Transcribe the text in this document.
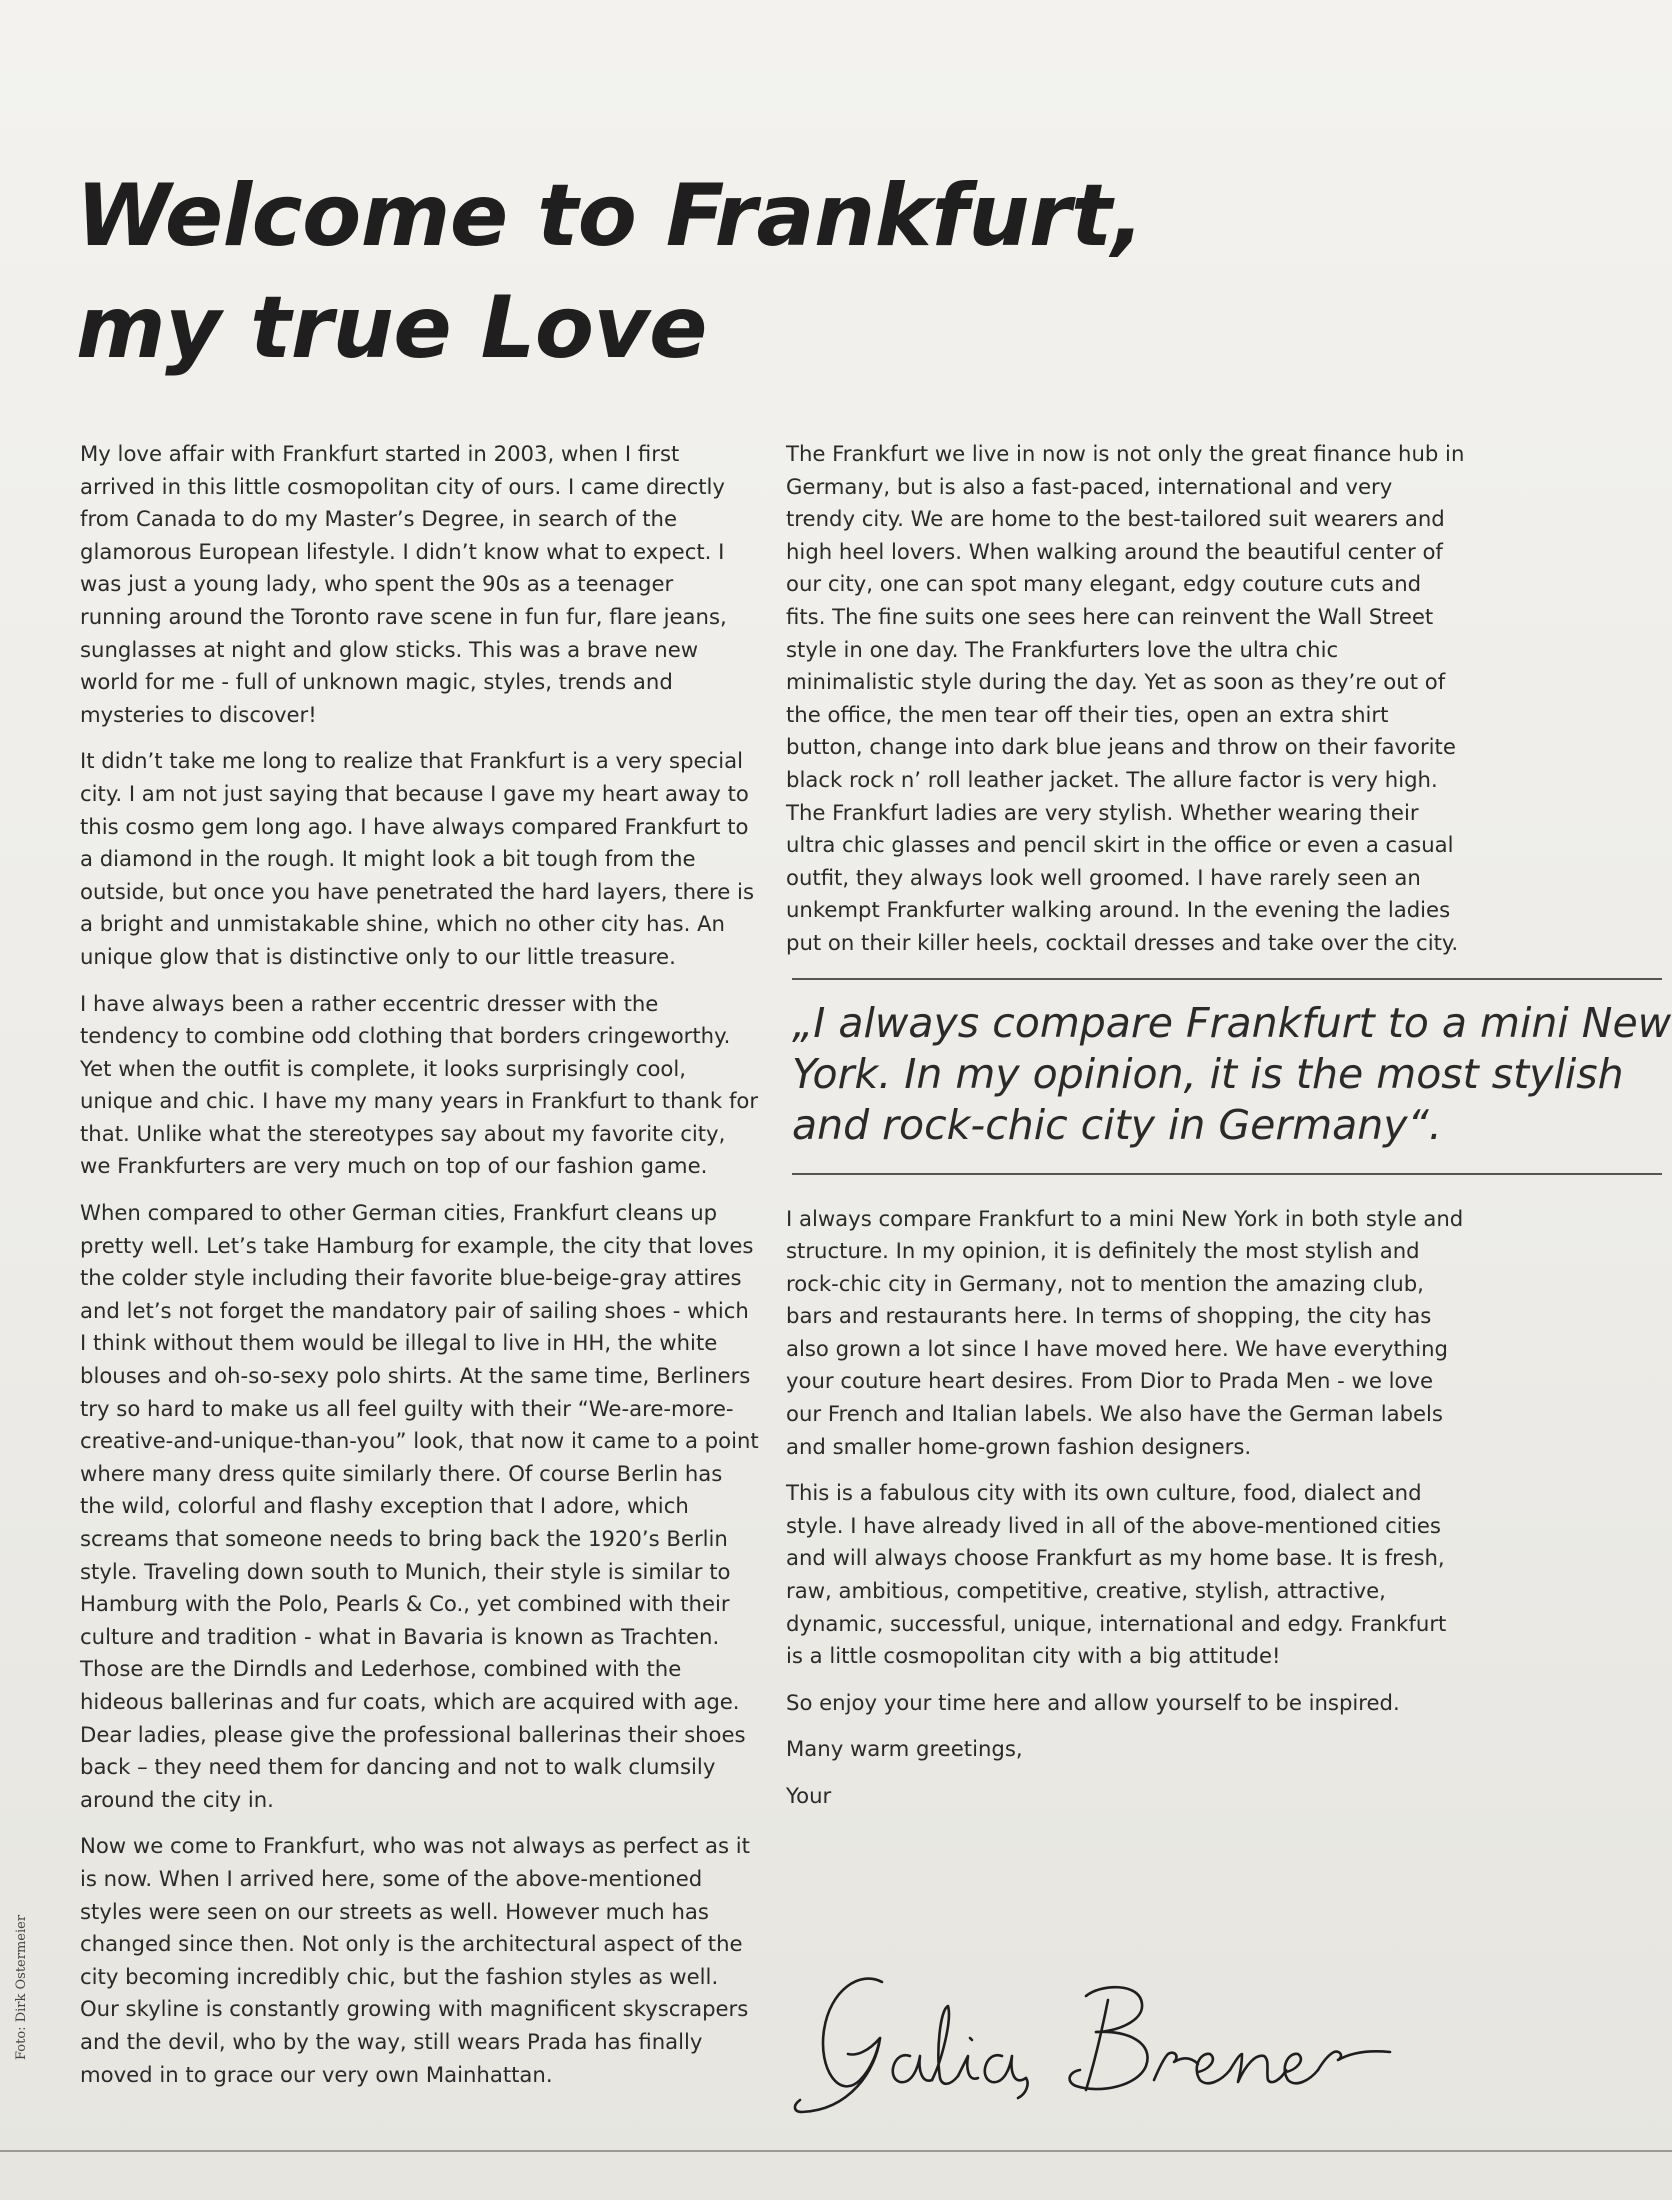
Welcome to Frankfurt,
my true Love

My love affair with Frankfurt started in 2003, when I first arrived in this little cosmopolitan city of ours. I came directly from Canada to do my Master’s Degree, in search of the glamorous European lifestyle. I didn’t know what to expect. I was just a young lady, who spent the 90s as a teenager running around the Toronto rave scene in fun fur, flare jeans, sunglasses at night and glow sticks. This was a brave new world for me - full of unknown magic, styles, trends and mysteries to discover!

It didn’t take me long to realize that Frankfurt is a very special city. I am not just saying that because I gave my heart away to this cosmo gem long ago. I have always compared Frankfurt to a diamond in the rough. It might look a bit tough from the outside, but once you have penetrated the hard layers, there is a bright and unmistakable shine, which no other city has. An unique glow that is distinctive only to our little treasure.

I have always been a rather eccentric dresser with the tendency to combine odd clothing that borders cringeworthy. Yet when the outfit is complete, it looks surprisingly cool, unique and chic. I have my many years in Frankfurt to thank for that. Unlike what the stereotypes say about my favorite city, we Frankfurters are very much on top of our fashion game.

When compared to other German cities, Frankfurt cleans up pretty well. Let’s take Hamburg for example, the city that loves the colder style including their favorite blue-beige-gray attires and let’s not forget the mandatory pair of sailing shoes - which I think without them would be illegal to live in HH, the white blouses and oh-so-sexy polo shirts. At the same time, Berliners try so hard to make us all feel guilty with their “We-are-more-creative-and-unique-than-you” look, that now it came to a point where many dress quite similarly there. Of course Berlin has the wild, colorful and flashy exception that I adore, which screams that someone needs to bring back the 1920’s Berlin style. Traveling down south to Munich, their style is similar to Hamburg with the Polo, Pearls & Co., yet combined with their culture and tradition - what in Bavaria is known as Trachten. Those are the Dirndls and Lederhose, combined with the hideous ballerinas and fur coats, which are acquired with age. Dear ladies, please give the professional ballerinas their shoes back – they need them for dancing and not to walk clumsily around the city in.

Now we come to Frankfurt, who was not always as perfect as it is now. When I arrived here, some of the above-mentioned styles were seen on our streets as well. However much has changed since then. Not only is the architectural aspect of the city becoming incredibly chic, but the fashion styles as well. Our skyline is constantly growing with magnificent skyscrapers and the devil, who by the way, still wears Prada has finally moved in to grace our very own Mainhattan.

The Frankfurt we live in now is not only the great finance hub in Germany, but is also a fast-paced, international and very trendy city. We are home to the best-tailored suit wearers and high heel lovers. When walking around the beautiful center of our city, one can spot many elegant, edgy couture cuts and fits. The fine suits one sees here can reinvent the Wall Street style in one day. The Frankfurters love the ultra chic minimalistic style during the day. Yet as soon as they’re out of the office, the men tear off their ties, open an extra shirt button, change into dark blue jeans and throw on their favorite black rock n’ roll leather jacket. The allure factor is very high. The Frankfurt ladies are very stylish. Whether wearing their ultra chic glasses and pencil skirt in the office or even a casual outfit, they always look well groomed. I have rarely seen an unkempt Frankfurter walking around. In the evening the ladies put on their killer heels, cocktail dresses and take over the city.

„I always compare Frankfurt to a mini New York. In my opinion, it is the most stylish and rock-chic city in Germany“.

I always compare Frankfurt to a mini New York in both style and structure. In my opinion, it is definitely the most stylish and rock-chic city in Germany, not to mention the amazing club, bars and restaurants here. In terms of shopping, the city has also grown a lot since I have moved here. We have everything your couture heart desires. From Dior to Prada Men - we love our French and Italian labels. We also have the German labels and smaller home-grown fashion designers.

This is a fabulous city with its own culture, food, dialect and style. I have already lived in all of the above-mentioned cities and will always choose Frankfurt as my home base. It is fresh, raw, ambitious, competitive, creative, stylish, attractive, dynamic, successful, unique, international and edgy. Frankfurt is a little cosmopolitan city with a big attitude!

So enjoy your time here and allow yourself to be inspired.

Many warm greetings,

Your

Foto: Dirk Ostermeier
